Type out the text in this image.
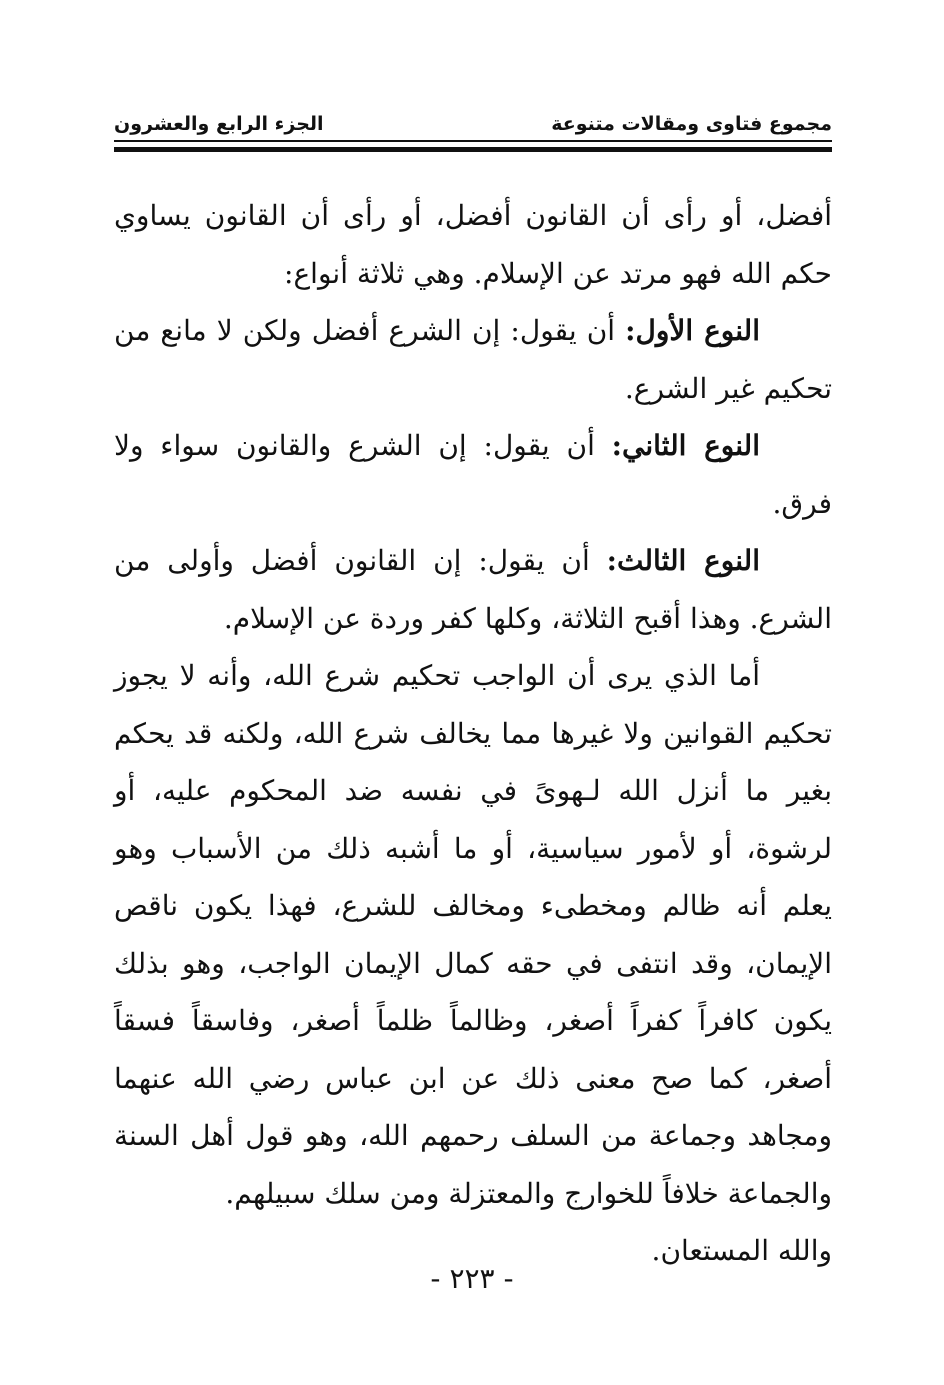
مجموع فتاوى ومقالات متنوعة
الجزء الرابع والعشرون

أفضل، أو رأى أن القانون أفضل، أو رأى أن القانون يساوي حكم الله فهو مرتد عن الإسلام. وهي ثلاثة أنواع:

النوع الأول: أن يقول: إن الشرع أفضل ولكن لا مانع من تحكيم غير الشرع.

النوع الثاني: أن يقول: إن الشرع والقانون سواء ولا فرق.

النوع الثالث: أن يقول: إن القانون أفضل وأولى من الشرع. وهذا أقبح الثلاثة، وكلها كفر وردة عن الإسلام.

أما الذي يرى أن الواجب تحكيم شرع الله، وأنه لا يجوز تحكيم القوانين ولا غيرها مما يخالف شرع الله، ولكنه قد يحكم بغير ما أنزل الله لـهوىً في نفسه ضد المحكوم عليه، أو لرشوة، أو لأمور سياسية، أو ما أشبه ذلك من الأسباب وهو يعلم أنه ظالم ومخطىء ومخالف للشرع، فهذا يكون ناقص الإيمان، وقد انتفى في حقه كمال الإيمان الواجب، وهو بذلك يكون كافراً كفراً أصغر، وظالماً ظلماً أصغر، وفاسقاً فسقاً أصغر، كما صح معنى ذلك عن ابن عباس رضي الله عنهما ومجاهد وجماعة من السلف رحمهم الله، وهو قول أهل السنة والجماعة خلافاً للخوارج والمعتزلة ومن سلك سبيلهم.

والله المستعان.

- ٢٢٣ -
